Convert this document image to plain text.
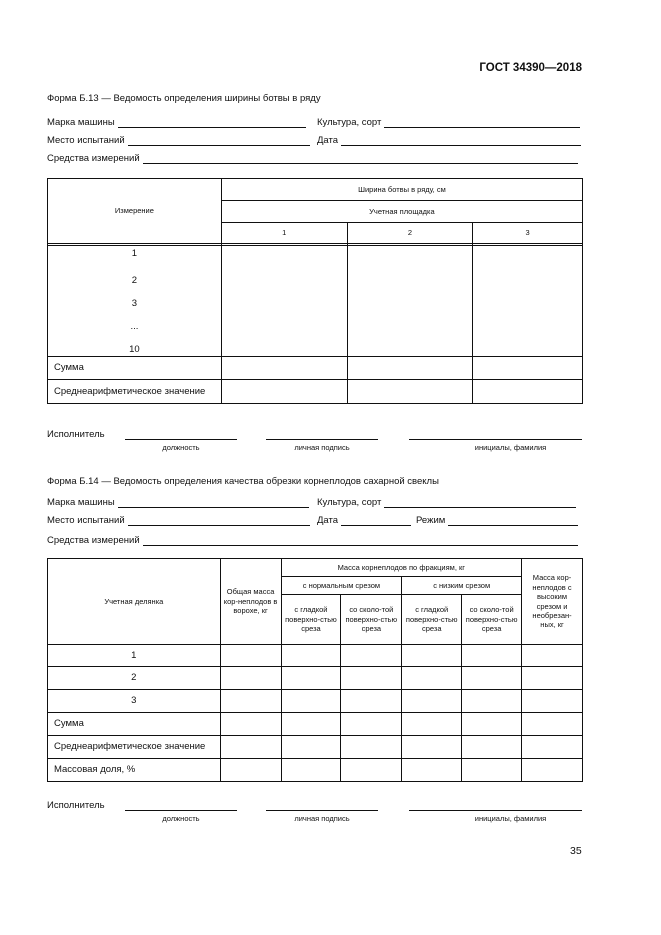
ГОСТ 34390—2018
Форма Б.13 — Ведомость определения ширины ботвы в ряду
Марка машины	Культура, сорт
Место испытаний	Дата
Средства измерений
Измерение	Ширина ботвы в ряду, см		
	Учетная площадка		
	1	2	3

1
2
3
...
10			

Сумма			
Среднеарифметическое значение			
Исполнитель
должность	личная подпись	инициалы, фамилия
Форма Б.14 — Ведомость определения качества обрезки корнеплодов сахарной свеклы
Марка машины	Культура, сорт
Место испытаний	Дата	Режим
Средства измерений
Учетная делянка	Общая масса кор-неплодов в ворохе, кг	Масса корнеплодов по фракциям, кг				Масса кор-неплодов с высоким срезом и необрезан-ных, кг
		с нормальным срезом		с низким срезом		
		с гладкой поверхно-стью среза	со сколо-той поверхно-стью среза	с гладкой поверхно-стью среза	со сколо-той поверхно-стью среза	
1						
2						
3						
Сумма						
Среднеарифметическое значение						
Массовая доля, %						
Исполнитель
должность	личная подпись	инициалы, фамилия
35
